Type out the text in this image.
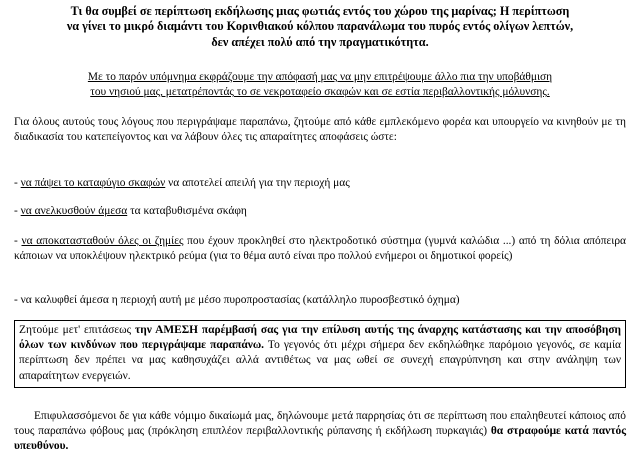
Τι θα συμβεί σε περίπτωση εκδήλωσης μιας φωτιάς εντός του χώρου της μαρίνας; Η περίπτωση

να γίνει το μικρό διαμάντι του Κορινθιακού κόλπου παρανάλωμα του πυρός εντός ολίγων λεπτών,

δεν απέχει πολύ από την πραγματικότητα.

Με το παρόν υπόμνημα εκφράζουμε την απόφασή μας να μην επιτρέψουμε άλλο πια την υποβάθμιση

του νησιού μας, μετατρέποντάς το σε νεκροταφείο σκαφών και σε εστία περιβαλλοντικής μόλυνσης.

Για όλους αυτούς τους λόγους που περιγράψαμε παραπάνω, ζητούμε από κάθε εμπλεκόμενο φορέα και υπουργείο να κινηθούν με τη διαδικασία του κατεπείγοντος και να λάβουν όλες τις απαραίτητες αποφάσεις ώστε:

- να πάψει το καταφύγιο σκαφών να αποτελεί απειλή για την περιοχή μας

- να ανελκυσθούν άμεσα τα καταβυθισμένα σκάφη

- να αποκατασταθούν όλες οι ζημίες που έχουν προκληθεί στο ηλεκτροδοτικό σύστημα (γυμνά καλώδια ...) από τη δόλια απόπειρα κάποιων να υποκλέψουν ηλεκτρικό ρεύμα (για το θέμα αυτό είναι προ πολλού ενήμεροι οι δημοτικοί φορείς)

- να καλυφθεί άμεσα η περιοχή αυτή με μέσο πυροπροστασίας (κατάλληλο πυροσβεστικό όχημα)

Ζητούμε μετ' επιτάσεως την ΑΜΕΣΗ παρέμβασή σας για την επίλυση αυτής της άναρχης κατάστασης και την αποσόβηση όλων των κινδύνων που περιγράψαμε παραπάνω. Το γεγονός ότι μέχρι σήμερα δεν εκδηλώθηκε παρόμοιο γεγονός, σε καμία περίπτωση δεν πρέπει να μας καθησυχάζει αλλά αντιθέτως να μας ωθεί σε συνεχή επαγρύπνηση και στην ανάληψη των απαραίτητων ενεργειών.

Επιφυλασσόμενοι δε για κάθε νόμιμο δικαίωμά μας, δηλώνουμε μετά παρρησίας ότι σε περίπτωση που επαληθευτεί κάποιος από τους παραπάνω φόβους μας (πρόκληση επιπλέον περιβαλλοντικής ρύπανσης ή εκδήλωση πυρκαγιάς) θα στραφούμε κατά παντός υπευθύνου.
